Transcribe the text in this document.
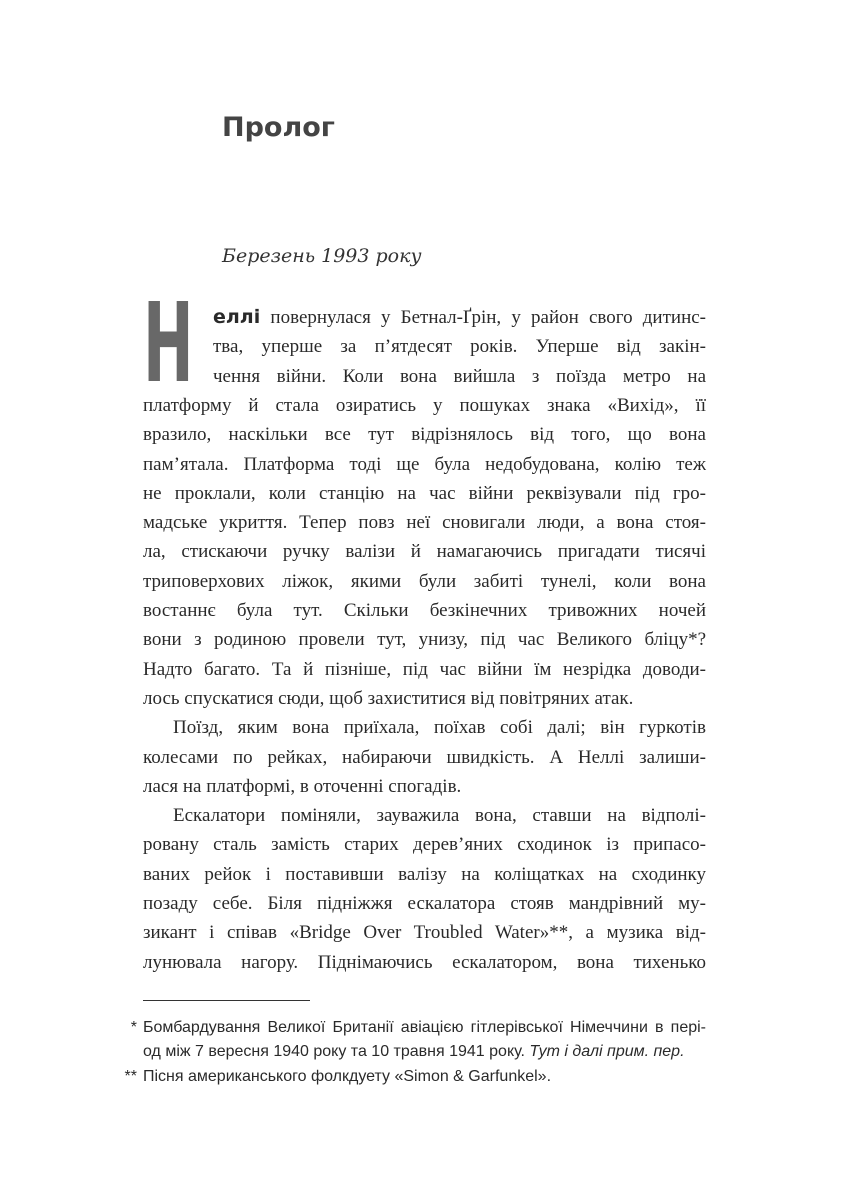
Пролог
Березень 1993 року
Н еллі повернулася у Бетнал-Ґрін, у район свого дитинс-
тва, уперше за п’ятдесят років. Уперше від закін-
чення війни. Коли вона вийшла з поїзда метро на
платформу й стала озиратись у пошуках знака «Вихід», її
вразило, наскільки все тут відрізнялось від того, що вона
пам’ятала. Платформа тоді ще була недобудована, колію теж
не проклали, коли станцію на час війни реквізували під гро-
мадське укриття. Тепер повз неї сновигали люди, а вона стоя-
ла, стискаючи ручку валізи й намагаючись пригадати тисячі
триповерхових ліжок, якими були забиті тунелі, коли вона
востаннє була тут. Скільки безкінечних тривожних ночей
вони з родиною провели тут, унизу, під час Великого бліцу*?
Надто багато. Та й пізніше, під час війни їм незрідка доводи-
лось спускатися сюди, щоб захиститися від повітряних атак.
Поїзд, яким вона приїхала, поїхав собі далі; він гуркотів
колесами по рейках, набираючи швидкість. А Неллі залиши-
лася на платформі, в оточенні спогадів.
Ескалатори поміняли, зауважила вона, ставши на відполі-
ровану сталь замість старих дерев’яних сходинок із припасо-
ваних рейок і поставивши валізу на коліщатках на сходинку
позаду себе. Біля підніжжя ескалатора стояв мандрівний му-
зикант і співав «Bridge Over Troubled Water»**, а музика від-
лунювала нагору. Піднімаючись ескалатором, вона тихенько
* Бомбардування Великої Британії авіацією гітлерівської Німеччини в пері-
од між 7 вересня 1940 року та 10 травня 1941 року. Тут і далі прим. пер.
** Пісня американського фолкдуету «Simon & Garfunkel».
